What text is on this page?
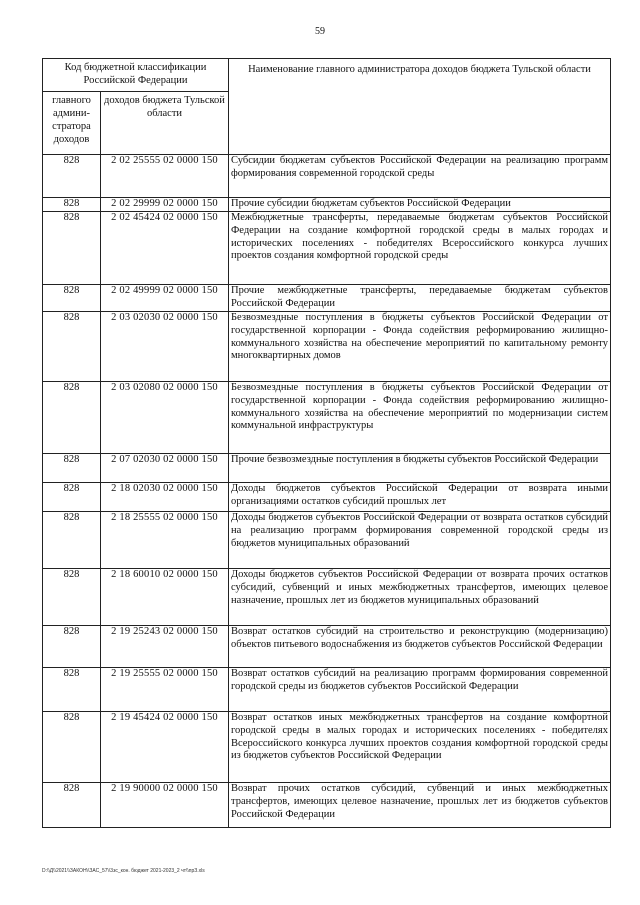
59
Код бюджетной классификации Российской Федерации		Наименование главного администратора доходов бюджета Тульской области
главного админи-стратора доходов	доходов бюджета Тульской области	
828	2 02 25555 02 0000 150	Субсидии бюджетам субъектов Российской Федерации на реализацию программ формирования современной городской среды
828	2 02 29999 02 0000 150	Прочие субсидии бюджетам субъектов Российской Федерации
828	2 02 45424 02 0000 150	Межбюджетные трансферты, передаваемые бюджетам субъектов Российской Федерации на создание комфортной городской среды в малых городах и исторических поселениях - победителях Всероссийского конкурса лучших проектов создания комфортной городской среды
828	2 02 49999 02 0000 150	Прочие межбюджетные трансферты, передаваемые бюджетам субъектов Российской Федерации
828	2 03 02030 02 0000 150	Безвозмездные поступления в бюджеты субъектов Российской Федерации от государственной корпорации - Фонда содействия реформированию жилищно-коммунального хозяйства на обеспечение мероприятий по капитальному ремонту многоквартирных домов
828	2 03 02080 02 0000 150	Безвозмездные поступления в бюджеты субъектов Российской Федерации от государственной корпорации - Фонда содействия реформированию жилищно-коммунального хозяйства на обеспечение мероприятий по модернизации систем коммунальной инфраструктуры
828	2 07 02030 02 0000 150	Прочие безвозмездные поступления в бюджеты субъектов Российской Федерации
828	2 18 02030 02 0000 150	Доходы бюджетов субъектов Российской Федерации от возврата иными организациями остатков субсидий прошлых лет
828	2 18 25555 02 0000 150	Доходы бюджетов субъектов Российской Федерации от возврата остатков субсидий на реализацию программ формирования современной городской среды из бюджетов муниципальных образований
828	2 18 60010 02 0000 150	Доходы бюджетов субъектов Российской Федерации от возврата прочих остатков субсидий, субвенций и иных межбюджетных трансфертов, имеющих целевое назначение, прошлых лет из бюджетов муниципальных образований
828	2 19 25243 02 0000 150	Возврат остатков субсидий на строительство и реконструкцию (модернизацию) объектов питьевого водоснабжения из бюджетов субъектов Российской Федерации
828	2 19 25555 02 0000 150	Возврат остатков субсидий на реализацию программ формирования современной городской среды из бюджетов субъектов Российской Федерации
828	2 19 45424 02 0000 150	Возврат остатков иных межбюджетных трансфертов на создание комфортной городской среды в малых городах и исторических поселениях - победителях Всероссийского конкурса лучших проектов создания комфортной городской среды из бюджетов субъектов Российской Федерации
828	2 19 90000 02 0000 150	Возврат прочих остатков субсидий, субвенций и иных межбюджетных трансфертов, имеющих целевое назначение, прошлых лет из бюджетов субъектов Российской Федерации
D:\\Д\\2021\\ЗАКОН\\ЗАС_57\\3зс_кон. бюджет 2021-2023_2 чт\\прЗ.xls
